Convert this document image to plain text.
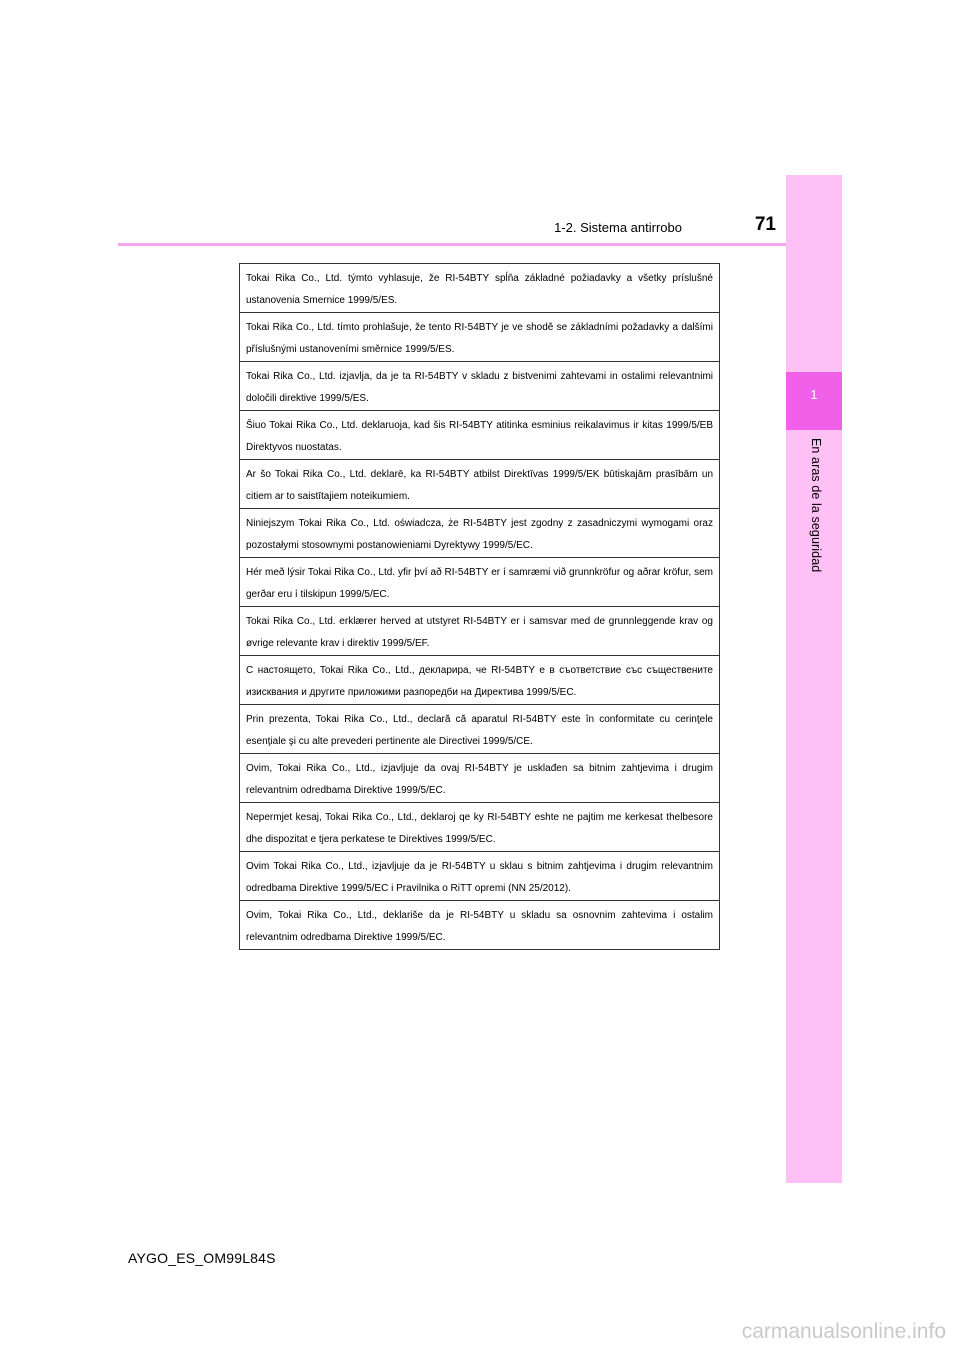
1
En aras de la seguridad
1-2. Sistema antirrobo	71
Tokai Rika Co., Ltd. týmto vyhlasuje, že RI-54BTY spĺňa základné požiadavky a všetky príslušné ustanovenia Smernice 1999/5/ES.
Tokai Rika Co., Ltd. tímto prohlašuje, že tento RI-54BTY je ve shodě se základními požadavky a dalšími příslušnými ustanoveními směrnice 1999/5/ES.
Tokai Rika Co., Ltd. izjavlja, da je ta RI-54BTY v skladu z bistvenimi zahtevami in ostalimi relevantnimi določili direktive 1999/5/ES.
Šiuo Tokai Rika Co., Ltd. deklaruoja, kad šis RI-54BTY atitinka esminius reikalavimus ir kitas 1999/5/EB Direktyvos nuostatas.
Ar šo Tokai Rika Co., Ltd. deklarē, ka RI-54BTY atbilst Direktīvas 1999/5/EK būtiskajām prasībām un citiem ar to saistītajiem noteikumiem.
Niniejszym Tokai Rika Co., Ltd. oświadcza, że RI-54BTY jest zgodny z zasadniczymi wymogami oraz pozostałymi stosownymi postanowieniami Dyrektywy 1999/5/EC.
Hér með lýsir Tokai Rika Co., Ltd. yfir því að RI-54BTY er í samræmi við grunnkröfur og aðrar kröfur, sem gerðar eru í tilskipun 1999/5/EC.
Tokai Rika Co., Ltd. erklærer herved at utstyret RI-54BTY er i samsvar med de grunnleggende krav og øvrige relevante krav i direktiv 1999/5/EF.
С настоящето, Tokai Rika Co., Ltd., декларира, че RI-54BTY е в съответствие със съществените изисквания и другите приложими разпоредби на Директива 1999/5/ЕС.
Prin prezenta, Tokai Rika Co., Ltd., declară că aparatul RI-54BTY este în conformitate cu cerinţele esenţiale şi cu alte prevederi pertinente ale Directivei 1999/5/CE.
Ovim, Tokai Rika Co., Ltd., izjavljuje da ovaj RI-54BTY je usklađen sa bitnim zahtjevima i drugim relevantnim odredbama Direktive 1999/5/EC.
Nepermjet kesaj, Tokai Rika Co., Ltd., deklaroj qe ky RI-54BTY eshte ne pajtim me kerkesat thelbesore dhe dispozitat e tjera perkatese te Direktives 1999/5/EC.
Ovim Tokai Rika Co., Ltd., izjavljuje da je RI-54BTY u sklau s bitnim zahtjevima i drugim relevantnim odredbama Direktive 1999/5/EC i Pravilnika o RiTT opremi (NN 25/2012).
Ovim, Tokai Rika Co., Ltd., deklariše da je RI-54BTY u skladu sa osnovnim zahtevima i ostalim relevantnim odredbama Direktive 1999/5/EC.
AYGO_ES_OM99L84S
carmanualsonline.info
